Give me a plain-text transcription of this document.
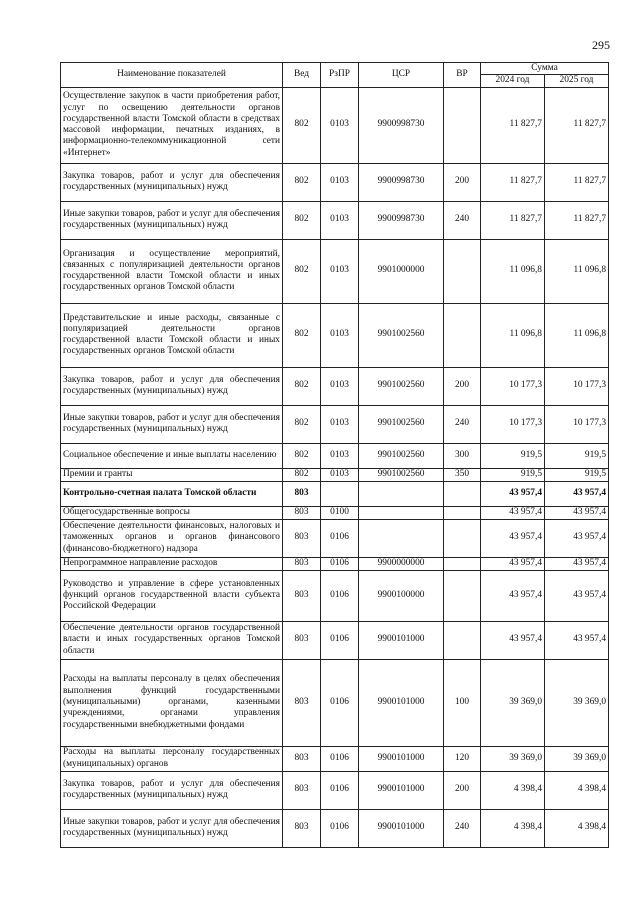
295
Наименование показателей	Вед	РзПР	ЦСР	ВР	Сумма	
					2024 год	2025 год
Осуществление закупок в части приобретения работ, услуг по освещению деятельности органов государственной власти Томской области в средствах массовой информации, печатных изданиях, в информационно-телекоммуникационной сети «Интернет»	802	0103	9900998730		11 827,7	11 827,7
Закупка товаров, работ и услуг для обеспечения государственных (муниципальных) нужд	802	0103	9900998730	200	11 827,7	11 827,7
Иные закупки товаров, работ и услуг для обеспечения государственных (муниципальных) нужд	802	0103	9900998730	240	11 827,7	11 827,7
Организация и осуществление мероприятий, связанных с популяризацией деятельности органов государственной власти Томской области и иных государственных органов Томской области	802	0103	9901000000		11 096,8	11 096,8
Представительские и иные расходы, связанные с популяризацией деятельности органов государственной власти Томской области и иных государственных органов Томской области	802	0103	9901002560		11 096,8	11 096,8
Закупка товаров, работ и услуг для обеспечения государственных (муниципальных) нужд	802	0103	9901002560	200	10 177,3	10 177,3
Иные закупки товаров, работ и услуг для обеспечения государственных (муниципальных) нужд	802	0103	9901002560	240	10 177,3	10 177,3
Социальное обеспечение и иные выплаты населению	802	0103	9901002560	300	919,5	919,5
Премии и гранты	802	0103	9901002560	350	919,5	919,5
Контрольно-счетная палата Томской области	803				43 957,4	43 957,4
Общегосударственные вопросы	803	0100			43 957,4	43 957,4
Обеспечение деятельности финансовых, налоговых и таможенных органов и органов финансового (финансово-бюджетного) надзора	803	0106			43 957,4	43 957,4
Непрограммное направление расходов	803	0106	9900000000		43 957,4	43 957,4
Руководство и управление в сфере установленных функций органов государственной власти субъекта Российской Федерации	803	0106	9900100000		43 957,4	43 957,4
Обеспечение деятельности органов государственной власти и иных государственных органов Томской области	803	0106	9900101000		43 957,4	43 957,4
Расходы на выплаты персоналу в целях обеспечения выполнения функций государственными (муниципальными) органами, казенными учреждениями, органами управления государственными внебюджетными фондами	803	0106	9900101000	100	39 369,0	39 369,0
Расходы на выплаты персоналу государственных (муниципальных) органов	803	0106	9900101000	120	39 369,0	39 369,0
Закупка товаров, работ и услуг для обеспечения государственных (муниципальных) нужд	803	0106	9900101000	200	4 398,4	4 398,4
Иные закупки товаров, работ и услуг для обеспечения государственных (муниципальных) нужд	803	0106	9900101000	240	4 398,4	4 398,4
